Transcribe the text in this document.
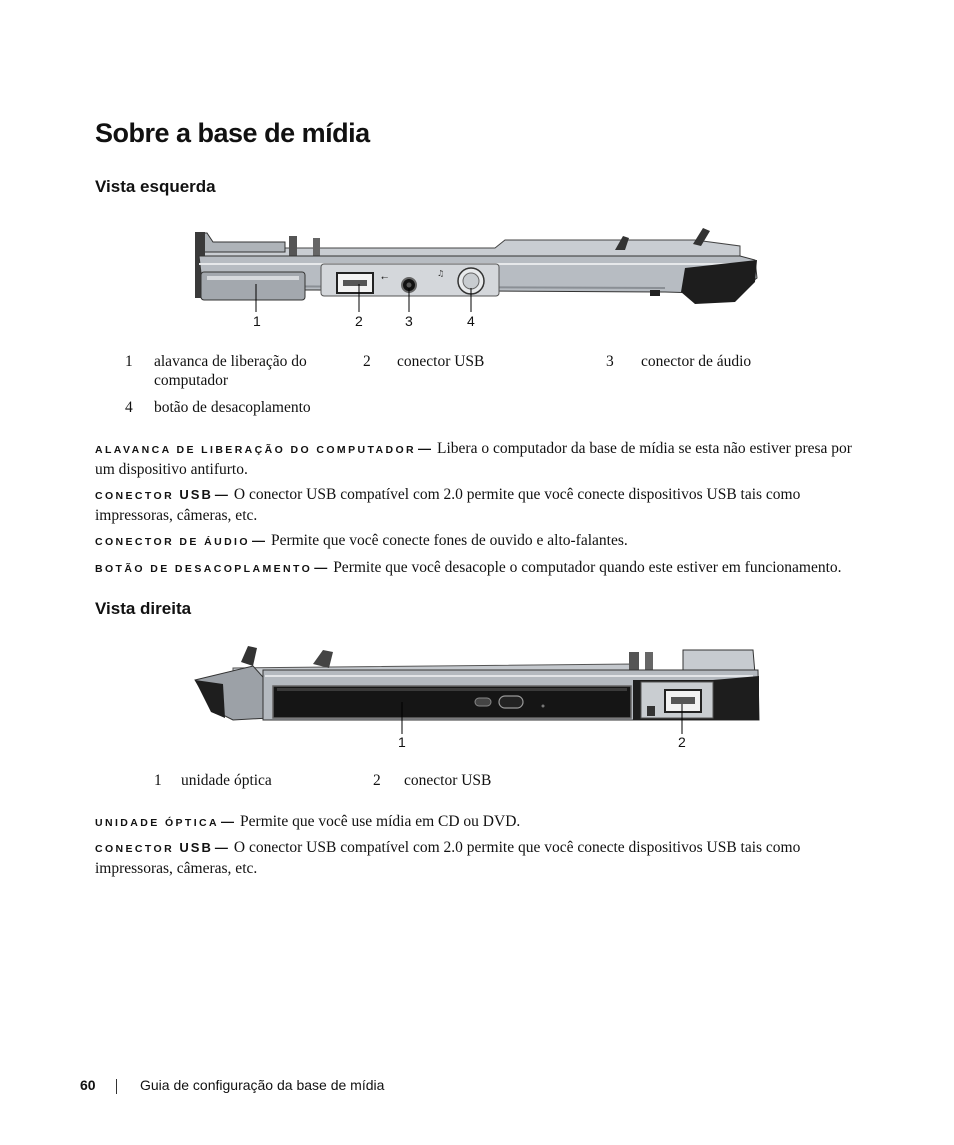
Sobre a base de mídia
Vista esquerda
⭠	♫
1	2	3	4
1 alavanca de liberação do
computador
2 conector USB	3 conector de áudio
4 botão de desacoplamento
ALAVANCA DE LIBERAÇÃO DO COMPUTADOR — Libera o computador da base de mídia se esta não estiver presa por um dispositivo antifurto.
CONECTOR USB — O conector USB compatível com 2.0 permite que você conecte dispositivos USB tais como impressoras, câmeras, etc.
CONECTOR DE ÁUDIO — Permite que você conecte fones de ouvido e alto-falantes.
BOTÃO DE DESACOPLAMENTO — Permite que você desacople o computador quando este estiver em funcionamento.
Vista direita
1	2
1 unidade óptica	2 conector USB
UNIDADE ÓPTICA — Permite que você use mídia em CD ou DVD.
CONECTOR USB — O conector USB compatível com 2.0 permite que você conecte dispositivos USB tais como impressoras, câmeras, etc.
60	Guia de configuração da base de mídia
